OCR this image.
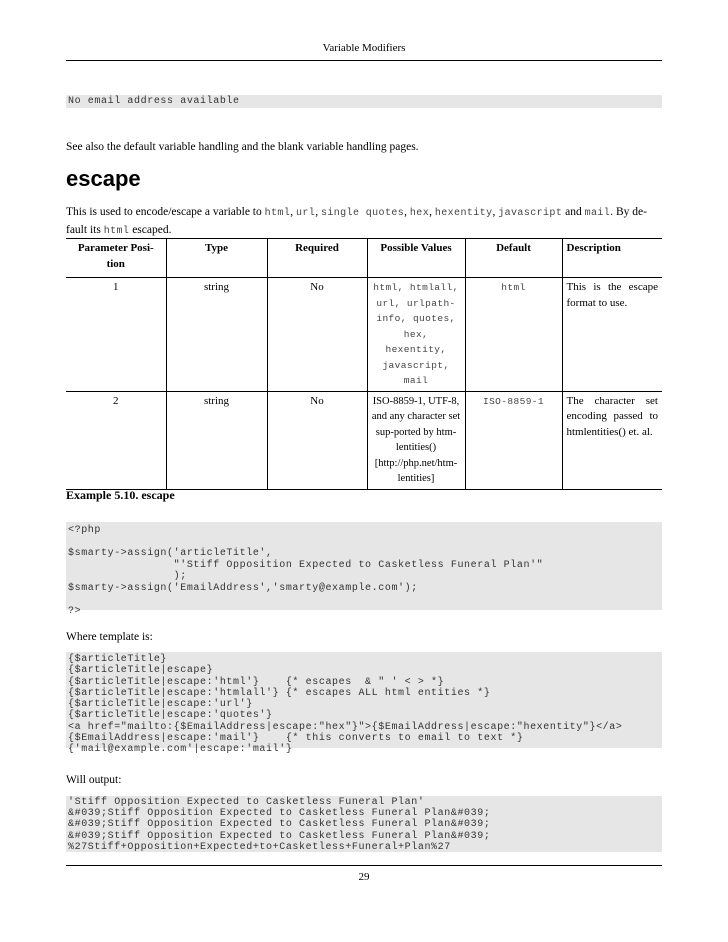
Variable Modifiers
No email address available
See also the default variable handling and the blank variable handling pages.
escape
This is used to encode/escape a variable to html, url, single quotes, hex, hexentity, javascript and mail. By de-
fault its html escaped.
Parameter Posi-
tion	Type	Required	Possible Values	Default	Description
1	string	No	html, htmlall, url, urlpath-info, quotes, hex, hexentity, javascript, mail	html	This is the escape format to use.
2	string	No	ISO-8859-1, UTF-8, and any character set sup-ported by htm-lentities() [http://php.net/htm-lentities]	ISO-8859-1	The character set encoding passed to htmlentities() et. al.
Example 5.10. escape
<?php

$smarty->assign('articleTitle',
"'Stiff Opposition Expected to Casketless Funeral Plan'"
);
$smarty->assign('EmailAddress','smarty@example.com');

?>
Where template is:
{$articleTitle}
{$articleTitle|escape}
{$articleTitle|escape:'html'}    {* escapes  & " ' < > *}
{$articleTitle|escape:'htmlall'} {* escapes ALL html entities *}
{$articleTitle|escape:'url'}
{$articleTitle|escape:'quotes'}
<a href="mailto:{$EmailAddress|escape:"hex"}">{$EmailAddress|escape:"hexentity"}</a>
{$EmailAddress|escape:'mail'}    {* this converts to email to text *}
{'mail@example.com'|escape:'mail'}
Will output:
'Stiff Opposition Expected to Casketless Funeral Plan'
&#039;Stiff Opposition Expected to Casketless Funeral Plan&#039;
&#039;Stiff Opposition Expected to Casketless Funeral Plan&#039;
&#039;Stiff Opposition Expected to Casketless Funeral Plan&#039;
%27Stiff+Opposition+Expected+to+Casketless+Funeral+Plan%27
29
